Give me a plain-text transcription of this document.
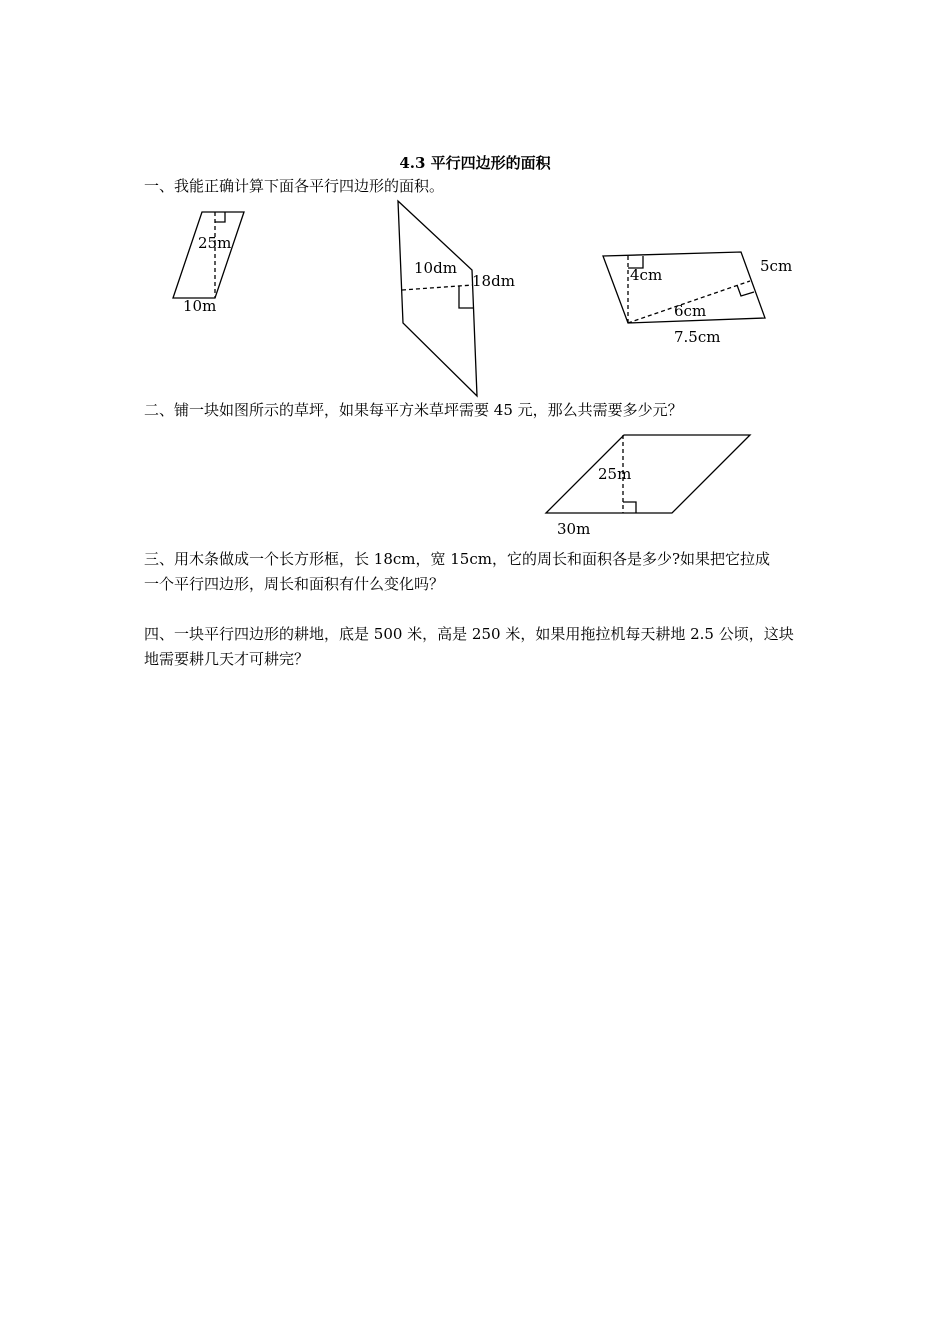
4.3 平行四边形的面积

一、我能正确计算下面各平行四边形的面积。

25m
10m
10dm
18dm	4cm	5cm
6cm
7.5cm

二、铺一块如图所示的草坪，如果每平方米草坪需要 45 元，那么共需要多少元？

25m
30m
三、用木条做成一个长方形框，长 18cm，宽 15cm，它的周长和面积各是多少?如果把它拉成
一个平行四边形，周长和面积有什么变化吗？
四、一块平行四边形的耕地，底是 500 米，高是 250 米，如果用拖拉机每天耕地 2.5 公顷，这块
地需要耕几天才可耕完？
